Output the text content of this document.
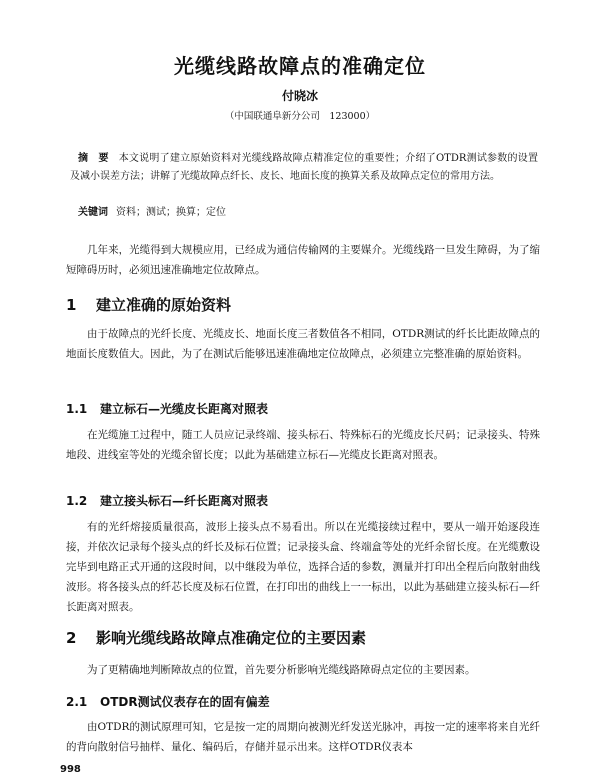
光缆线路故障点的准确定位
付晓冰
（中国联通阜新分公司　123000）
摘　要 本文说明了建立原始资料对光缆线路故障点精准定位的重要性；介绍了OTDR测试参数的设置及减小误差方法；讲解了光缆故障点纤长、皮长、地面长度的换算关系及故障点定位的常用方法。
关键词 资料；测试；换算；定位
几年来，光缆得到大规模应用，已经成为通信传输网的主要媒介。光缆线路一旦发生障碍，为了缩短障碍历时，必须迅速准确地定位故障点。
1 建立准确的原始资料
由于故障点的光纤长度、光缆皮长、地面长度三者数值各不相同，OTDR测试的纤长比距故障点的地面长度数值大。因此，为了在测试后能够迅速准确地定位故障点，必须建立完整准确的原始资料。
1.1 建立标石—光缆皮长距离对照表
在光缆施工过程中，随工人员应记录终端、接头标石、特殊标石的光缆皮长尺码；记录接头、特殊地段、进线室等处的光缆余留长度；以此为基础建立标石—光缆皮长距离对照表。
1.2 建立接头标石—纤长距离对照表
有的光纤熔接质量很高，波形上接头点不易看出。所以在光缆接续过程中，要从一端开始逐段连接，并依次记录每个接头点的纤长及标石位置；记录接头盒、终端盒等处的光纤余留长度。在光缆敷设完毕到电路正式开通的这段时间，以中继段为单位，选择合适的参数，测量并打印出全程后向散射曲线波形。将各接头点的纤芯长度及标石位置，在打印出的曲线上一一标出，以此为基础建立接头标石—纤长距离对照表。
2 影响光缆线路故障点准确定位的主要因素
为了更精确地判断障故点的位置，首先要分析影响光缆线路障碍点定位的主要因素。
2.1 OTDR测试仪表存在的固有偏差
由OTDR的测试原理可知，它是按一定的周期向被测光纤发送光脉冲，再按一定的速率将来自光纤的背向散射信号抽样、量化、编码后，存储并显示出来。这样OTDR仪表本
998
